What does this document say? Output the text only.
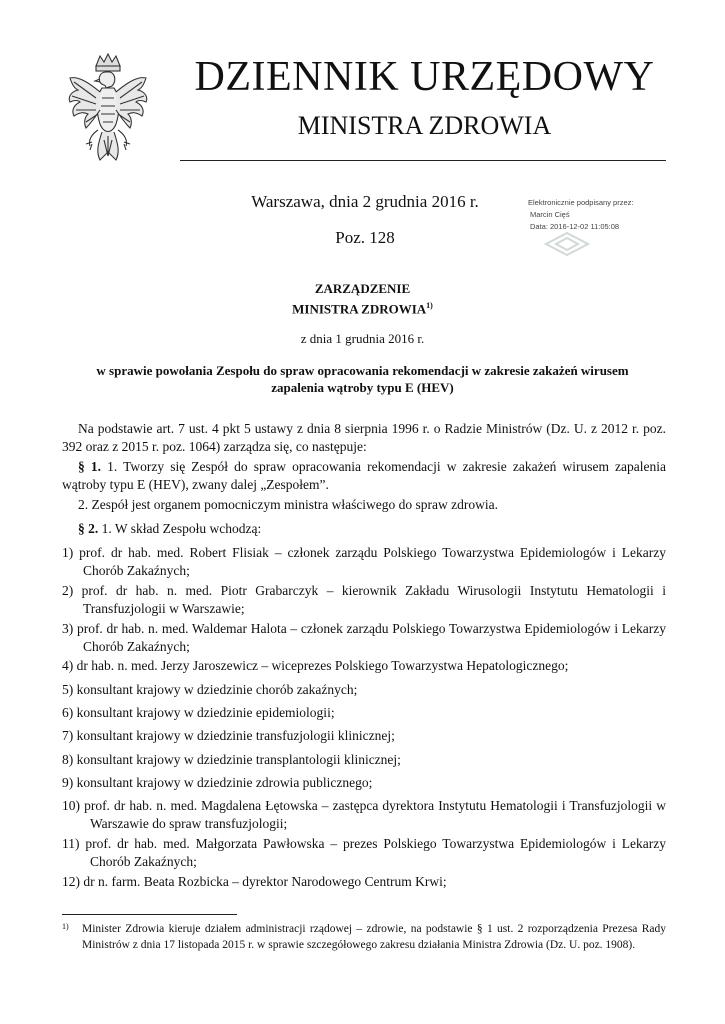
DZIENNIK URZĘDOWY
MINISTRA ZDROWIA
Warszawa, dnia 2 grudnia 2016 r.
Poz. 128
Elektronicznie podpisany przez:
Marcin Cięś
Data: 2016-12-02 11:05:08
ZARZĄDZENIE
MINISTRA ZDROWIA$^{1)}$
z dnia 1 grudnia 2016 r.
w sprawie powołania Zespołu do spraw opracowania rekomendacji w zakresie zakażeń wirusem zapalenia wątroby typu E (HEV)
Na podstawie art. 7 ust. 4 pkt 5 ustawy z dnia 8 sierpnia 1996 r. o Radzie Ministrów (Dz. U. z 2012 r. poz. 392 oraz z 2015 r. poz. 1064) zarządza się, co następuje:
§ 1. 1. Tworzy się Zespół do spraw opracowania rekomendacji w zakresie zakażeń wirusem zapalenia wątroby typu E (HEV), zwany dalej „Zespołem”.
2. Zespół jest organem pomocniczym ministra właściwego do spraw zdrowia.
§ 2. 1. W skład Zespołu wchodzą:
1) prof. dr hab. med. Robert Flisiak – członek zarządu Polskiego Towarzystwa Epidemiologów i Lekarzy Chorób Zakaźnych;
2) prof. dr hab. n. med. Piotr Grabarczyk – kierownik Zakładu Wirusologii Instytutu Hematologii i Transfuzjologii w Warszawie;
3) prof. dr hab. n. med. Waldemar Halota – członek zarządu Polskiego Towarzystwa Epidemiologów i Lekarzy Chorób Zakaźnych;
4) dr hab. n. med. Jerzy Jaroszewicz – wiceprezes Polskiego Towarzystwa Hepatologicznego;
5) konsultant krajowy w dziedzinie chorób zakaźnych;
6) konsultant krajowy w dziedzinie epidemiologii;
7) konsultant krajowy w dziedzinie transfuzjologii klinicznej;
8) konsultant krajowy w dziedzinie transplantologii klinicznej;
9) konsultant krajowy w dziedzinie zdrowia publicznego;
10) prof. dr hab. n. med. Magdalena Łętowska – zastępca dyrektora Instytutu Hematologii i Transfuzjologii w Warszawie do spraw transfuzjologii;
11) prof. dr hab. med. Małgorzata Pawłowska – prezes Polskiego Towarzystwa Epidemiologów i Lekarzy Chorób Zakaźnych;
12) dr n. farm. Beata Rozbicka – dyrektor Narodowego Centrum Krwi;
1)	Minister Zdrowia kieruje działem administracji rządowej – zdrowie, na podstawie § 1 ust. 2 rozporządzenia Prezesa Rady Ministrów z dnia 17 listopada 2015 r. w sprawie szczegółowego zakresu działania Ministra Zdrowia (Dz. U. poz. 1908).
